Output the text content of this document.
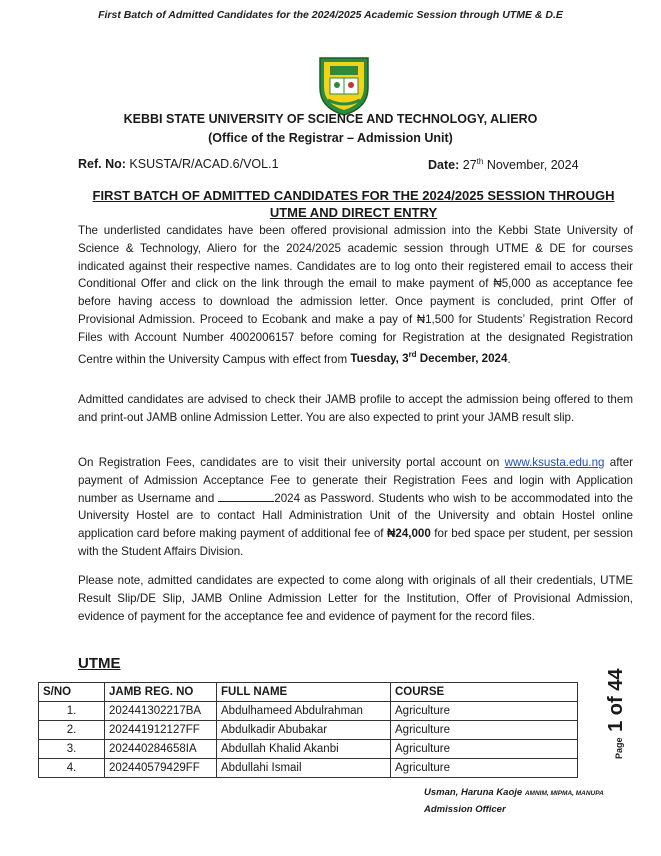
First Batch of Admitted Candidates for the 2024/2025 Academic Session through UTME & D.E
KEBBI STATE UNIVERSITY OF SCIENCE AND TECHNOLOGY, ALIERO
(Office of the Registrar – Admission Unit)
Ref. No: KSUSTA/R/ACAD.6/VOL.1	Date: 27th November, 2024
FIRST BATCH OF ADMITTED CANDIDATES FOR THE 2024/2025 SESSION THROUGH UTME AND DIRECT ENTRY
The underlisted candidates have been offered provisional admission into the Kebbi State University of Science & Technology, Aliero for the 2024/2025 academic session through UTME & DE for courses indicated against their respective names. Candidates are to log onto their registered email to access their Conditional Offer and click on the link through the email to make payment of ₦5,000 as acceptance fee before having access to download the admission letter. Once payment is concluded, print Offer of Provisional Admission. Proceed to Ecobank and make a pay of ₦1,500 for Students’ Registration Record Files with Account Number 4002006157 before coming for Registration at the designated Registration Centre within the University Campus with effect from Tuesday, 3rd December, 2024.
Admitted candidates are advised to check their JAMB profile to accept the admission being offered to them and print-out JAMB online Admission Letter. You are also expected to print your JAMB result slip.
On Registration Fees, candidates are to visit their university portal account on www.ksusta.edu.ng after payment of Admission Acceptance Fee to generate their Registration Fees and login with Application number as Username and	2024 as Password. Students who wish to be accommodated into the University Hostel are to contact Hall Administration Unit of the University and obtain Hostel online application card before making payment of additional fee of ₦24,000 for bed space per student, per session with the Student Affairs Division.
Please note, admitted candidates are expected to come along with originals of all their credentials, UTME Result Slip/DE Slip, JAMB Online Admission Letter for the Institution, Offer of Provisional Admission, evidence of payment for the acceptance fee and evidence of payment for the record files.
UTME
S/NO	JAMB REG. NO	FULL NAME	COURSE
1.	202441302217BA	Abdulhameed Abdulrahman	Agriculture
2.	202441912127FF	Abdulkadir Abubakar	Agriculture
3.	202440284658IA	Abdullah Khalid Akanbi	Agriculture
4.	202440579429FF	Abdullahi Ismail	Agriculture
Page 1 of 44
Usman, Haruna Kaoje AMNIM, MIPMA, MANUPA
Admission Officer
